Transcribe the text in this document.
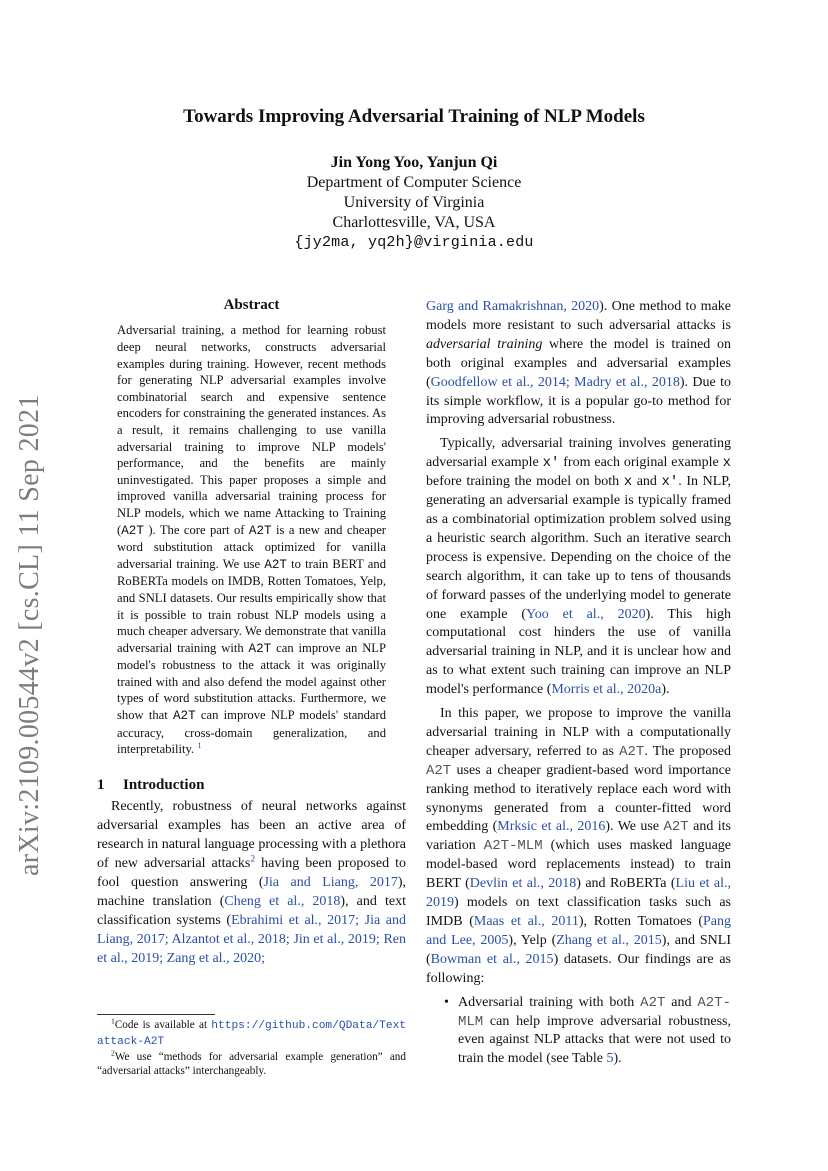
arXiv:2109.00544v2 [cs.CL] 11 Sep 2021
Towards Improving Adversarial Training of NLP Models
Jin Yong Yoo, Yanjun Qi
Department of Computer Science
University of Virginia
Charlottesville, VA, USA
{jy2ma, yq2h}@virginia.edu
Abstract
Adversarial training, a method for learning robust deep neural networks, constructs adversarial examples during training. However, recent methods for generating NLP adversarial examples involve combinatorial search and expensive sentence encoders for constraining the generated instances. As a result, it remains challenging to use vanilla adversarial training to improve NLP models' performance, and the benefits are mainly uninvestigated. This paper proposes a simple and improved vanilla adversarial training process for NLP models, which we name Attacking to Training (A2T ). The core part of A2T is a new and cheaper word substitution attack optimized for vanilla adversarial training. We use A2T to train BERT and RoBERTa models on IMDB, Rotten Tomatoes, Yelp, and SNLI datasets. Our results empirically show that it is possible to train robust NLP models using a much cheaper adversary. We demonstrate that vanilla adversarial training with A2T can improve an NLP model's robustness to the attack it was originally trained with and also defend the model against other types of word substitution attacks. Furthermore, we show that A2T can improve NLP models' standard accuracy, cross-domain generalization, and interpretability. $^1$
1 Introduction

Recently, robustness of neural networks against adversarial examples has been an active area of research in natural language processing with a plethora of new adversarial attacks$^2$ having been proposed to fool question answering (Jia and Liang, 2017), machine translation (Cheng et al., 2018), and text classification systems (Ebrahimi et al., 2017; Jia and Liang, 2017; Alzantot et al., 2018; Jin et al., 2019; Ren et al., 2019; Zang et al., 2020;

$^1$Code is available at https://github.com/QData/Textattack-A2T

$^2$We use “methods for adversarial example generation” and “adversarial attacks” interchangeably.

Garg and Ramakrishnan, 2020). One method to make models more resistant to such adversarial attacks is adversarial training where the model is trained on both original examples and adversarial examples (Goodfellow et al., 2014; Madry et al., 2018). Due to its simple workflow, it is a popular go-to method for improving adversarial robustness.

Typically, adversarial training involves generating adversarial example x′ from each original example x before training the model on both x and x′. In NLP, generating an adversarial example is typically framed as a combinatorial optimization problem solved using a heuristic search algorithm. Such an iterative search process is expensive. Depending on the choice of the search algorithm, it can take up to tens of thousands of forward passes of the underlying model to generate one example (Yoo et al., 2020). This high computational cost hinders the use of vanilla adversarial training in NLP, and it is unclear how and as to what extent such training can improve an NLP model's performance (Morris et al., 2020a).

In this paper, we propose to improve the vanilla adversarial training in NLP with a computationally cheaper adversary, referred to as A2T. The proposed A2T uses a cheaper gradient-based word importance ranking method to iteratively replace each word with synonyms generated from a counter-fitted word embedding (Mrksic et al., 2016). We use A2T and its variation A2T-MLM (which uses masked language model-based word replacements instead) to train BERT (Devlin et al., 2018) and RoBERTa (Liu et al., 2019) models on text classification tasks such as IMDB (Maas et al., 2011), Rotten Tomatoes (Pang and Lee, 2005), Yelp (Zhang et al., 2015), and SNLI (Bowman et al., 2015) datasets. Our findings are as following:

• Adversarial training with both A2T and A2T-MLM can help improve adversarial robustness, even against NLP attacks that were not used to train the model (see Table 5).
